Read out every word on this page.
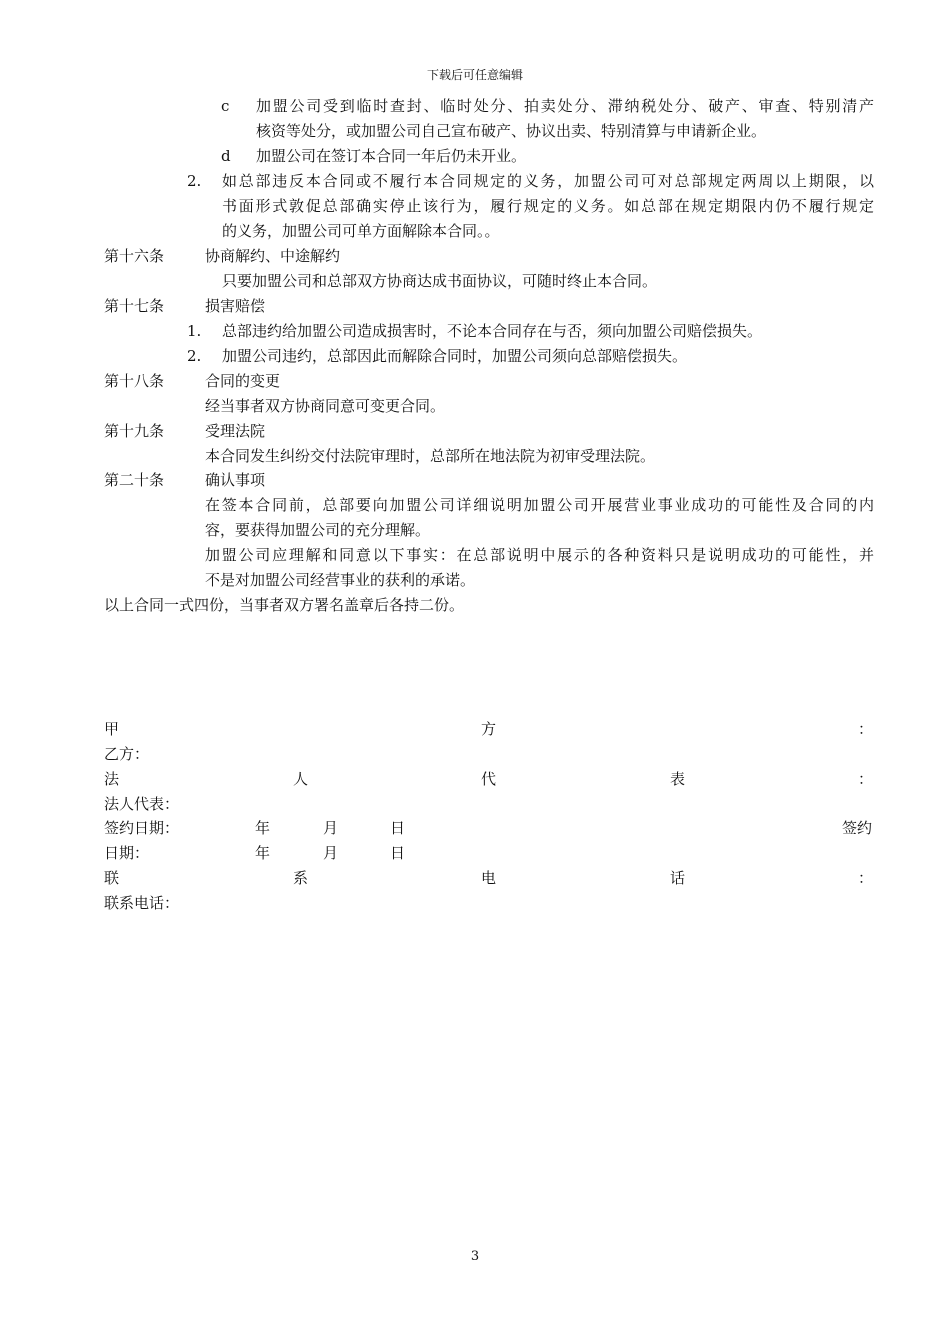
下载后可任意编辑
c 加盟公司受到临时查封、临时处分、拍卖处分、滞纳税处分、破产、审查、特别清产
核资等处分，或加盟公司自己宣布破产、协议出卖、特别清算与申请新企业。
d 加盟公司在签订本合同一年后仍未开业。
2. 如总部违反本合同或不履行本合同规定的义务，加盟公司可对总部规定两周以上期限，以
书面形式敦促总部确实停止该行为，履行规定的义务。如总部在规定期限内仍不履行规定
的义务，加盟公司可单方面解除本合同。。
第十六条	协商解约、中途解约
只要加盟公司和总部双方协商达成书面协议，可随时终止本合同。
第十七条	损害赔偿
1. 总部违约给加盟公司造成损害时，不论本合同存在与否，须向加盟公司赔偿损失。
2. 加盟公司违约，总部因此而解除合同时，加盟公司须向总部赔偿损失。
第十八条	合同的变更
经当事者双方协商同意可变更合同。
第十九条	受理法院
本合同发生纠纷交付法院审理时，总部所在地法院为初审受理法院。
第二十条	确认事项
在签本合同前，总部要向加盟公司详细说明加盟公司开展营业事业成功的可能性及合同的内
容，要获得加盟公司的充分理解。
加盟公司应理解和同意以下事实：在总部说明中展示的各种资料只是说明成功的可能性，并
不是对加盟公司经营事业的获利的承诺。
以上合同一式四份，当事者双方署名盖章后各持二份。
甲	方	：
乙方：
法	人	代	表	：
法人代表：
签约日期：	年	月	日	签约
日期：	年	月	日
联	系	电	话	：
联系电话：
3
